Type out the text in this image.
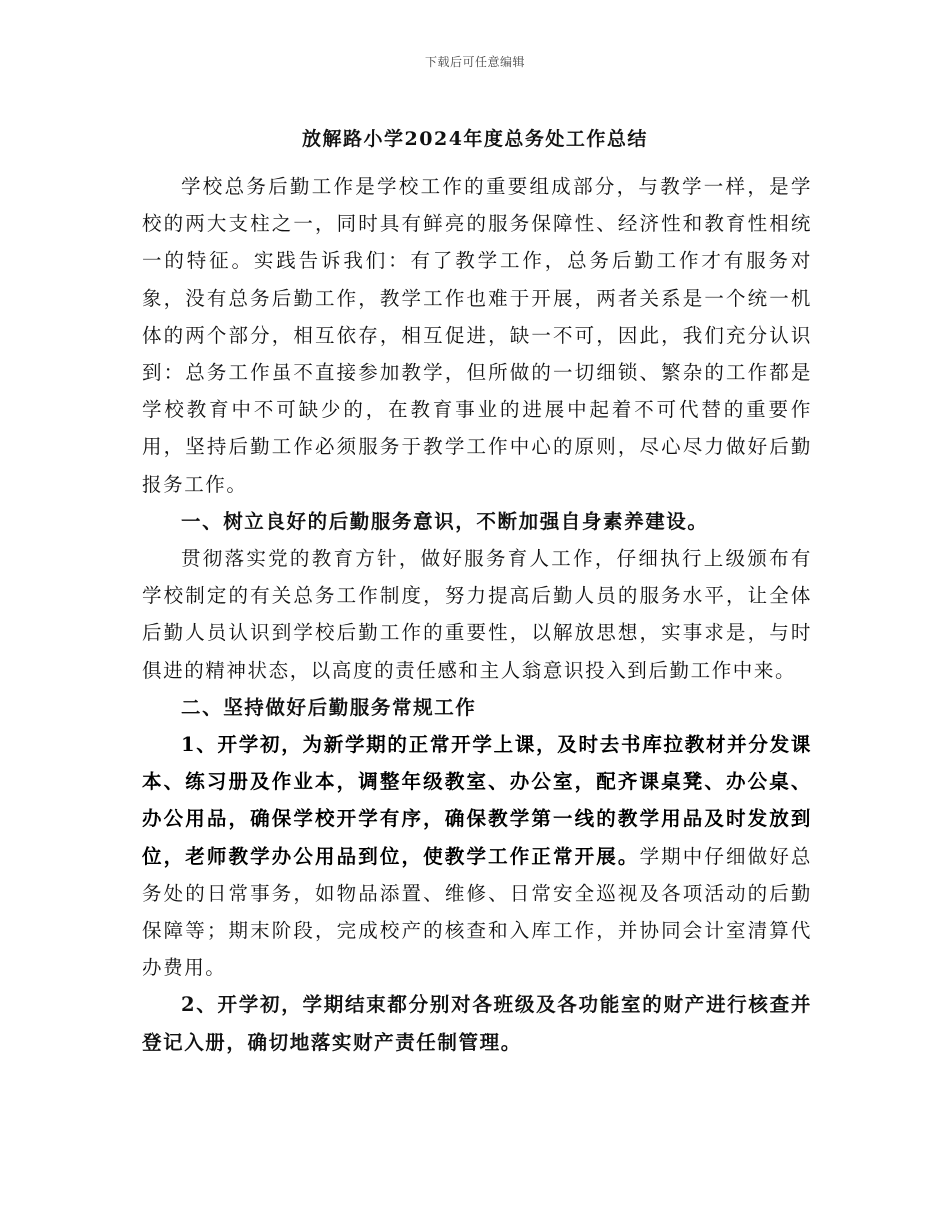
下载后可任意编辑
放解路小学2024年度总务处工作总结

学校总务后勤工作是学校工作的重要组成部分，与教学一样，是学校的两大支柱之一，同时具有鲜亮的服务保障性、经济性和教育性相统一的特征。实践告诉我们：有了教学工作，总务后勤工作才有服务对象，没有总务后勤工作，教学工作也难于开展，两者关系是一个统一机体的两个部分，相互依存，相互促进，缺一不可，因此，我们充分认识到：总务工作虽不直接参加教学，但所做的一切细锁、繁杂的工作都是学校教育中不可缺少的，在教育事业的进展中起着不可代替的重要作用，坚持后勤工作必须服务于教学工作中心的原则，尽心尽力做好后勤报务工作。

一、树立良好的后勤服务意识，不断加强自身素养建设。

贯彻落实党的教育方针，做好服务育人工作，仔细执行上级颁布有学校制定的有关总务工作制度，努力提高后勤人员的服务水平，让全体后勤人员认识到学校后勤工作的重要性，以解放思想，实事求是，与时俱进的精神状态，以高度的责任感和主人翁意识投入到后勤工作中来。

二、坚持做好后勤服务常规工作

1、开学初，为新学期的正常开学上课，及时去书库拉教材并分发课本、练习册及作业本，调整年级教室、办公室，配齐课桌凳、办公桌、办公用品，确保学校开学有序，确保教学第一线的教学用品及时发放到位，老师教学办公用品到位，使教学工作正常开展。学期中仔细做好总务处的日常事务，如物品添置、维修、日常安全巡视及各项活动的后勤保障等；期末阶段，完成校产的核查和入库工作，并协同会计室清算代办费用。

2、开学初，学期结束都分别对各班级及各功能室的财产进行核查并登记入册，确切地落实财产责任制管理。
